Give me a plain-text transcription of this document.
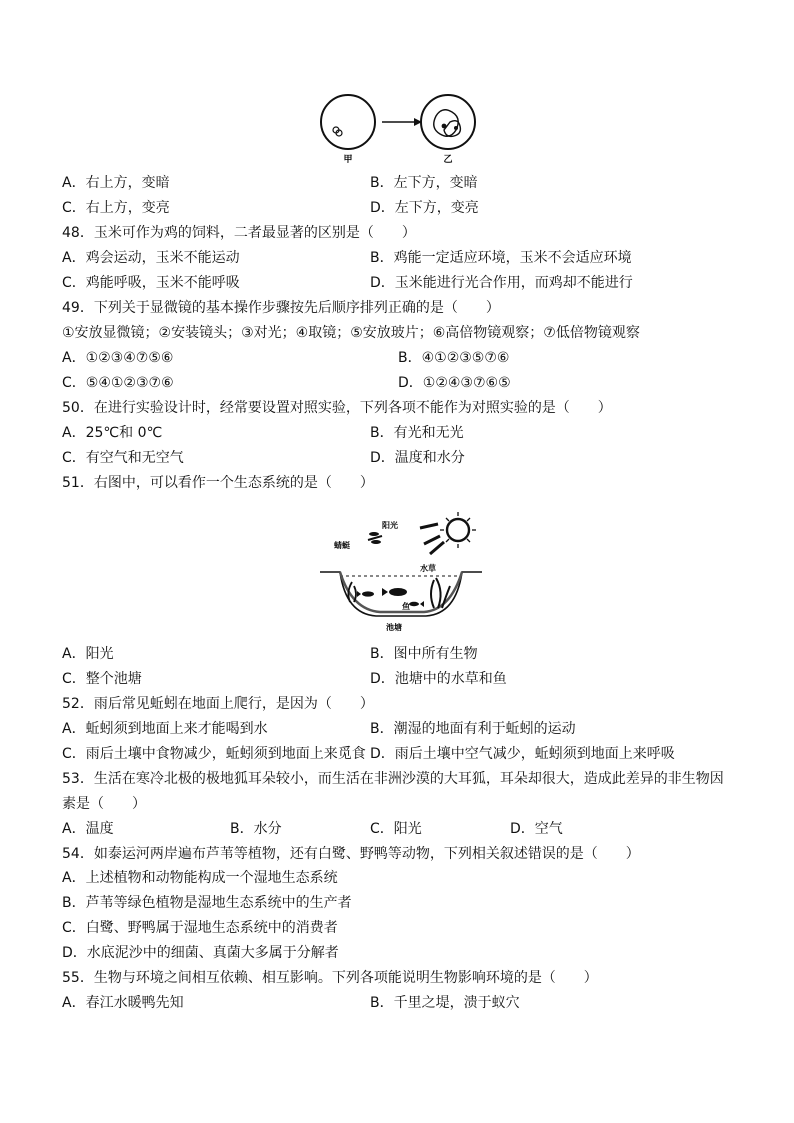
甲	乙
A．右上方，变暗	B．左下方，变暗
C．右上方，变亮	D．左下方，变亮
48．玉米可作为鸡的饲料，二者最显著的区别是（　　）
A．鸡会运动，玉米不能运动	B．鸡能一定适应环境，玉米不会适应环境
C．鸡能呼吸，玉米不能呼吸	D．玉米能进行光合作用，而鸡却不能进行
49．下列关于显微镜的基本操作步骤按先后顺序排列正确的是（　　）
①安放显微镜；②安装镜头；③对光；④取镜；⑤安放玻片；⑥高倍物镜观察；⑦低倍物镜观察
A．①②③④⑦⑤⑥	B．④①②③⑤⑦⑥
C．⑤④①②③⑦⑥	D．①②④③⑦⑥⑤
50．在进行实验设计时，经常要设置对照实验，下列各项不能作为对照实验的是（　　）
A．25℃和 0℃	B．有光和无光
C．有空气和无空气	D．温度和水分
51．右图中，可以看作一个生态系统的是（　　）
阳光
蜻蜓
水草
鱼
池塘
A．阳光	B．图中所有生物
C．整个池塘	D．池塘中的水草和鱼
52．雨后常见蚯蚓在地面上爬行，是因为（　　）
A．蚯蚓须到地面上来才能喝到水	B．潮湿的地面有利于蚯蚓的运动
C．雨后土壤中食物减少，蚯蚓须到地面上来觅食 D．雨后土壤中空气减少，蚯蚓须到地面上来呼吸
53．生活在寒冷北极的极地狐耳朵较小，而生活在非洲沙漠的大耳狐，耳朵却很大，造成此差异的非生物因
素是（　　）
A．温度	B．水分	C．阳光	D．空气
54．如泰运河两岸遍布芦苇等植物，还有白鹭、野鸭等动物，下列相关叙述错误的是（　　）
A．上述植物和动物能构成一个湿地生态系统
B．芦苇等绿色植物是湿地生态系统中的生产者
C．白鹭、野鸭属于湿地生态系统中的消费者
D．水底泥沙中的细菌、真菌大多属于分解者
55．生物与环境之间相互依赖、相互影响。下列各项能说明生物影响环境的是（　　）
A．春江水暖鸭先知	B．千里之堤，溃于蚁穴
